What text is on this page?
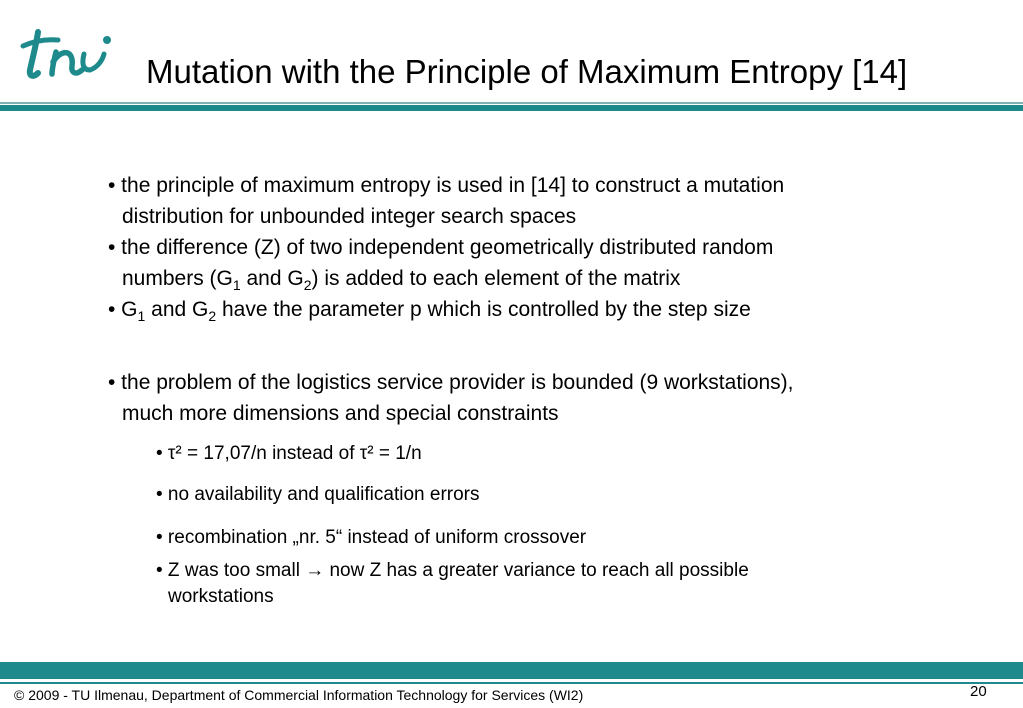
Mutation with the Principle of Maximum Entropy [14]
• the principle of maximum entropy is used in [14] to construct a mutation
distribution for unbounded integer search spaces
• the difference (Z) of two independent geometrically distributed random
numbers ($G_1$ and $G_2$) is added to each element of the matrix
• $G_1$ and $G_2$ have the parameter p which is controlled by the step size
• the problem of the logistics service provider is bounded (9 workstations),
much more dimensions and special constraints
• τ² = 17,07/n instead of τ² = 1/n
• no availability and qualification errors
• recombination „nr. 5“ instead of uniform crossover
• Z was too small → now Z has a greater variance to reach all possible
workstations
© 2009 - TU Ilmenau, Department of Commercial Information Technology for Services (WI2)	20
